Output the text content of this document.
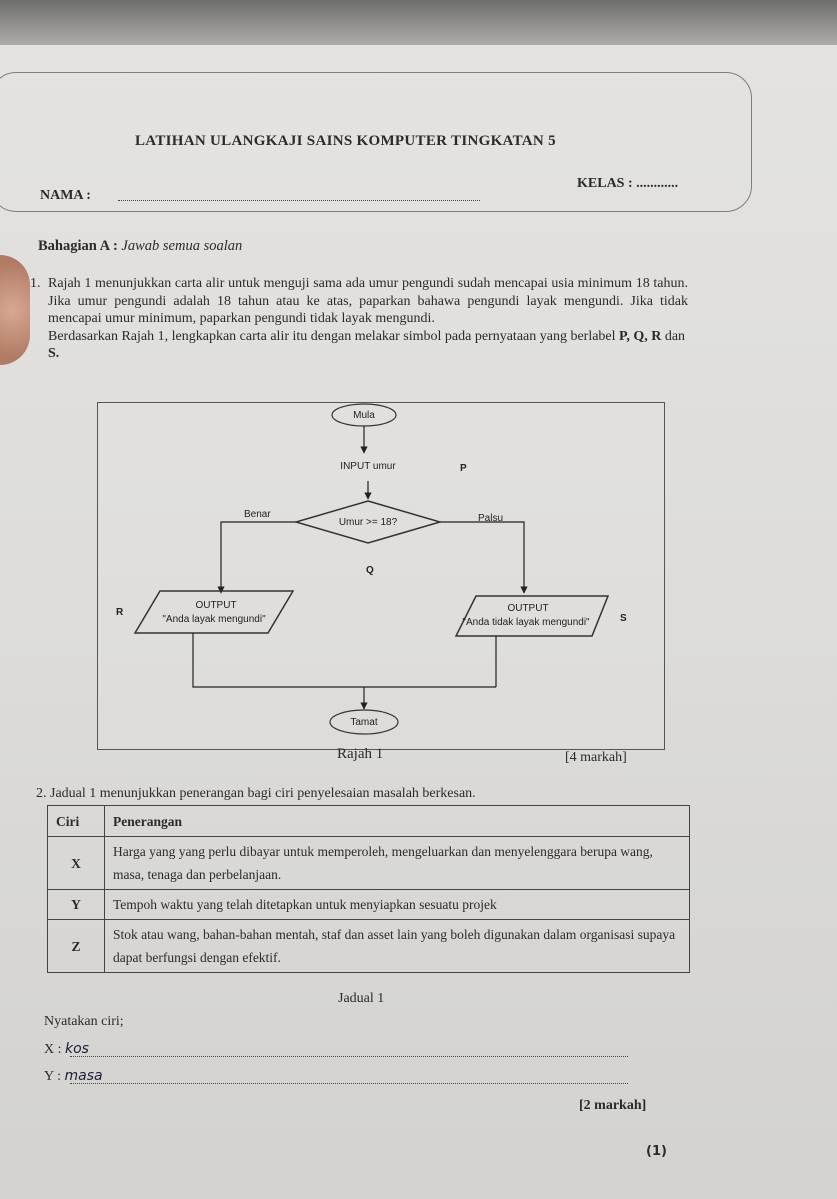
LATIHAN ULANGKAJI SAINS KOMPUTER TINGKATAN 5
NAMA :
KELAS : ............
Bahagian A : Jawab semua soalan
1. Rajah 1 menunjukkan carta alir untuk menguji sama ada umur pengundi sudah mencapai usia minimum 18 tahun. Jika umur pengundi adalah 18 tahun atau ke atas, paparkan bahawa pengundi layak mengundi. Jika tidak mencapai umur minimum, paparkan pengundi tidak layak mengundi.

Berdasarkan Rajah 1, lengkapkan carta alir itu dengan melakar simbol pada pernyataan yang berlabel P, Q, R dan S.

Mula
INPUT umur	P
Umur >= 18?
Benar	Palsu
Q
OUTPUT
"Anda layak mengundi"
R	OUTPUT
"Anda tidak layak mengundi"	S
Tamat
Rajah 1	[4 markah]
2. Jadual 1 menunjukkan penerangan bagi ciri penyelesaian masalah berkesan.
Ciri	Penerangan
X	Harga yang yang perlu dibayar untuk memperoleh, mengeluarkan dan menyelenggara berupa wang, masa, tenaga dan perbelanjaan.
Y	Tempoh waktu yang telah ditetapkan untuk menyiapkan sesuatu projek
Z	Stok atau wang, bahan-bahan mentah, staf dan asset lain yang boleh digunakan dalam organisasi supaya dapat berfungsi dengan efektif.
Jadual 1
Nyatakan ciri;
X : kos
Y : masa
[2 markah]
(1)
